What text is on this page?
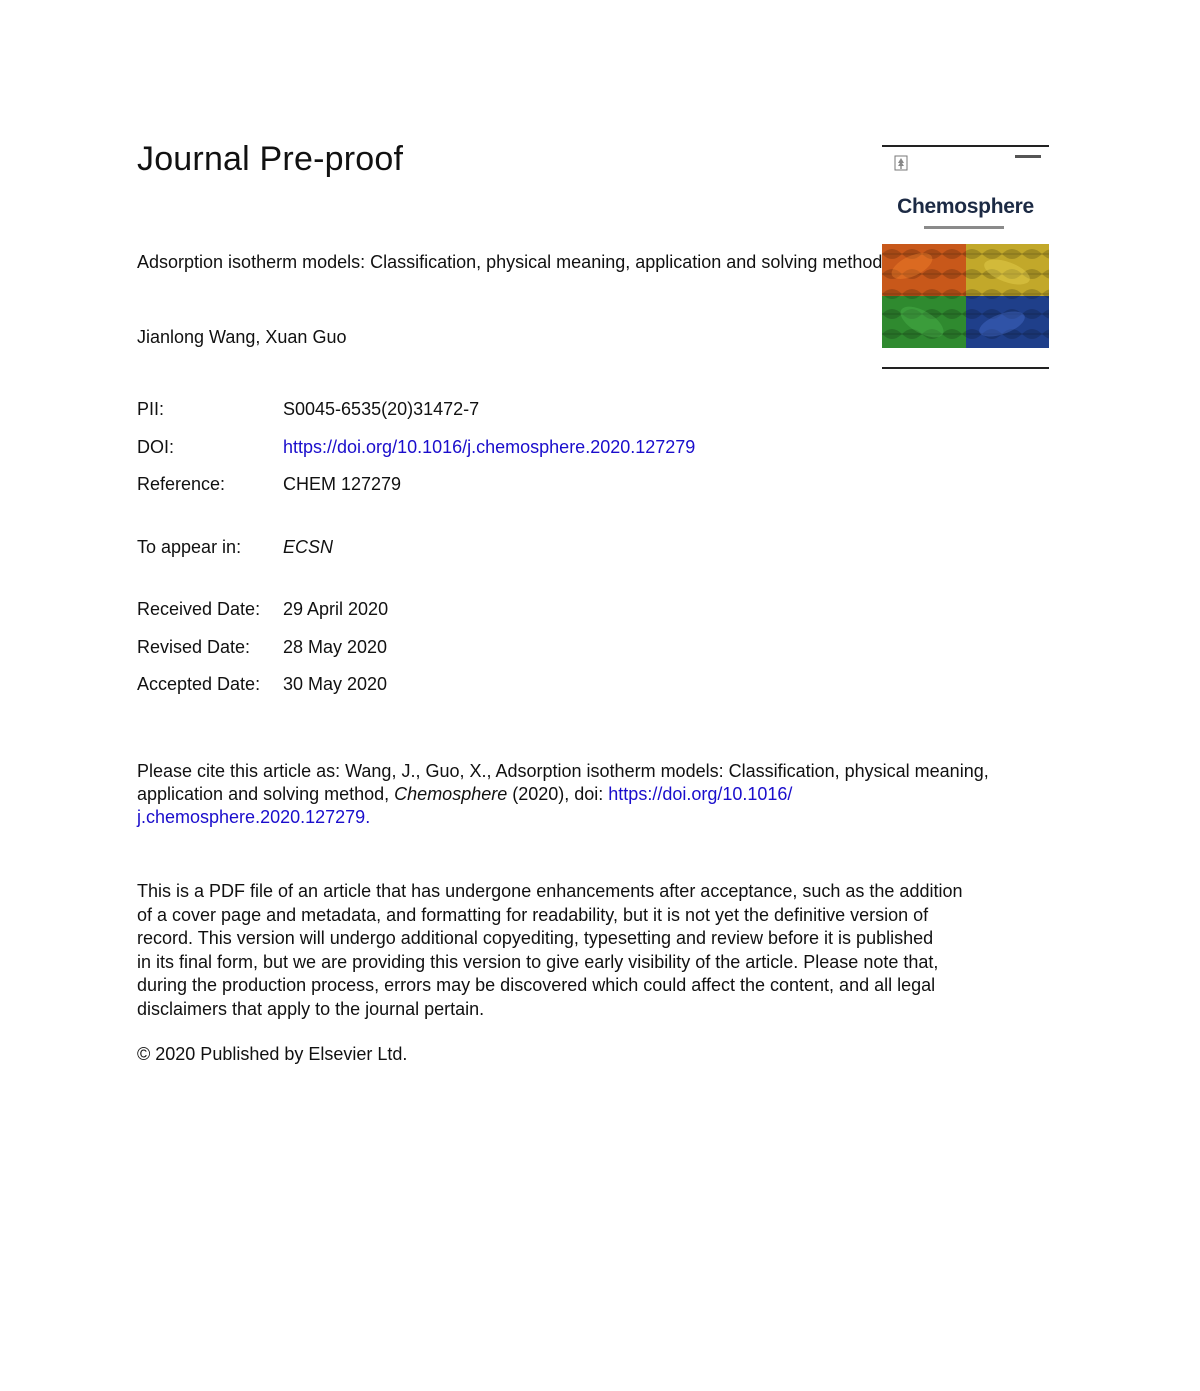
Journal Pre-proof
Chemosphere
Adsorption isotherm models: Classification, physical meaning, application and solving method
Jianlong Wang, Xuan Guo
PII:	S0045-6535(20)31472-7
DOI:	https://doi.org/10.1016/j.chemosphere.2020.127279
Reference:	CHEM 127279
To appear in:	ECSN
Received Date:	29 April 2020
Revised Date:	28 May 2020
Accepted Date:	30 May 2020
Please cite this article as: Wang, J., Guo, X., Adsorption isotherm models: Classification, physical meaning, application and solving method, Chemosphere (2020), doi: https://doi.org/10.1016/
j.chemosphere.2020.127279.
This is a PDF file of an article that has undergone enhancements after acceptance, such as the addition
of a cover page and metadata, and formatting for readability, but it is not yet the definitive version of
record. This version will undergo additional copyediting, typesetting and review before it is published
in its final form, but we are providing this version to give early visibility of the article. Please note that,
during the production process, errors may be discovered which could affect the content, and all legal
disclaimers that apply to the journal pertain.
© 2020 Published by Elsevier Ltd.
